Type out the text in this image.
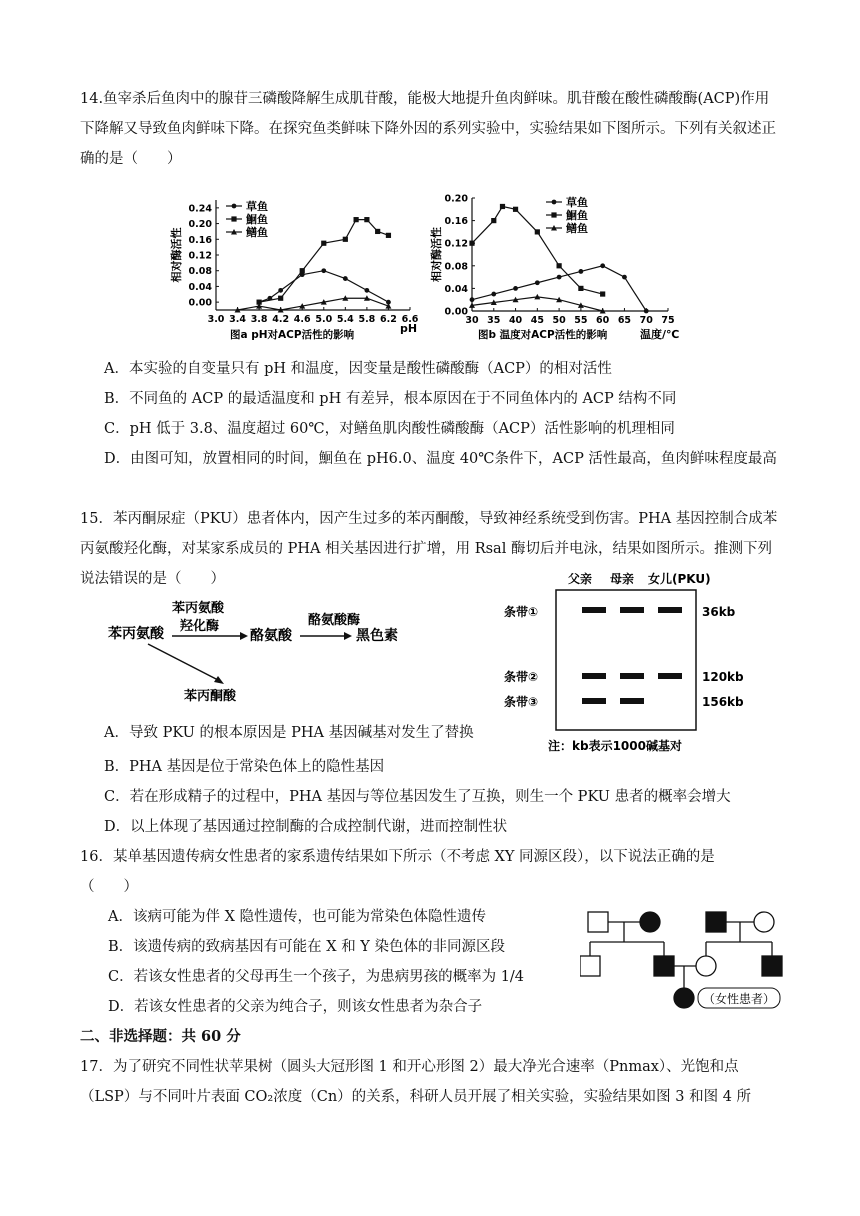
14.鱼宰杀后鱼肉中的腺苷三磷酸降解生成肌苷酸，能极大地提升鱼肉鲜味。肌苷酸在酸性磷酸酶(ACP)作用下降解又导致鱼肉鲜味下降。在探究鱼类鲜味下降外因的系列实验中，实验结果如下图所示。下列有关叙述正确的是（　　）
3.0 3.4 3.8 4.2 4.6 5.0 5.4 5.8 6.2 6.6
0.00
0.04
0.08
0.12
0.16
0.20
0.24	草鱼
鮰鱼
鳝鱼
相对酶活性
图a pH对ACP活性的影响	pH
30 35 40 45 50 55 60 65 70 75
0.00
0.04
0.08
0.12
0.16
0.20	草鱼
鮰鱼
鳝鱼
相对酶活性
图b 温度对ACP活性的影响	温度/℃
A．本实验的自变量只有 pH 和温度，因变量是酸性磷酸酶（ACP）的相对活性
B．不同鱼的 ACP 的最适温度和 pH 有差异，根本原因在于不同鱼体内的 ACP 结构不同
C．pH 低于 3.8、温度超过 60℃，对鳝鱼肌肉酸性磷酸酶（ACP）活性影响的机理相同
D．由图可知，放置相同的时间，鮰鱼在 pH6.0、温度 40℃条件下，ACP 活性最高，鱼肉鲜味程度最高
15．苯丙酮尿症（PKU）患者体内，因产生过多的苯丙酮酸，导致神经系统受到伤害。PHA 基因控制合成苯丙氨酸羟化酶，对某家系成员的 PHA 相关基因进行扩增，用 Rsal 酶切后并电泳，结果如图所示。推测下列说法错误的是（　　）
苯丙氨酸
苯丙氨酸
羟化酶
酪氨酸
酪氨酸酶
黑色素
苯丙酮酸
父亲 母亲 女儿(PKU)
条带①
条带②
条带③
36kb
120kb
156kb
注：kb表示1000碱基对
A．导致 PKU 的根本原因是 PHA 基因碱基对发生了替换
B．PHA 基因是位于常染色体上的隐性基因
C．若在形成精子的过程中，PHA 基因与等位基因发生了互换，则生一个 PKU 患者的概率会增大
D．以上体现了基因通过控制酶的合成控制代谢，进而控制性状
16．某单基因遗传病女性患者的家系遗传结果如下所示（不考虑 XY 同源区段），以下说法正确的是
（　　）
A．该病可能为伴 X 隐性遗传，也可能为常染色体隐性遗传
B．该遗传病的致病基因有可能在 X 和 Y 染色体的非同源区段
C．若该女性患者的父母再生一个孩子，为患病男孩的概率为 1/4
D．若该女性患者的父亲为纯合子，则该女性患者为杂合子	（女性患者）
二、非选择题：共 60 分
17．为了研究不同性状苹果树（圆头大冠形图 1 和开心形图 2）最大净光合速率（Pnmax）、光饱和点（LSP）与不同叶片表面 CO₂浓度（Cn）的关系，科研人员开展了相关实验，实验结果如图 3 和图 4 所
